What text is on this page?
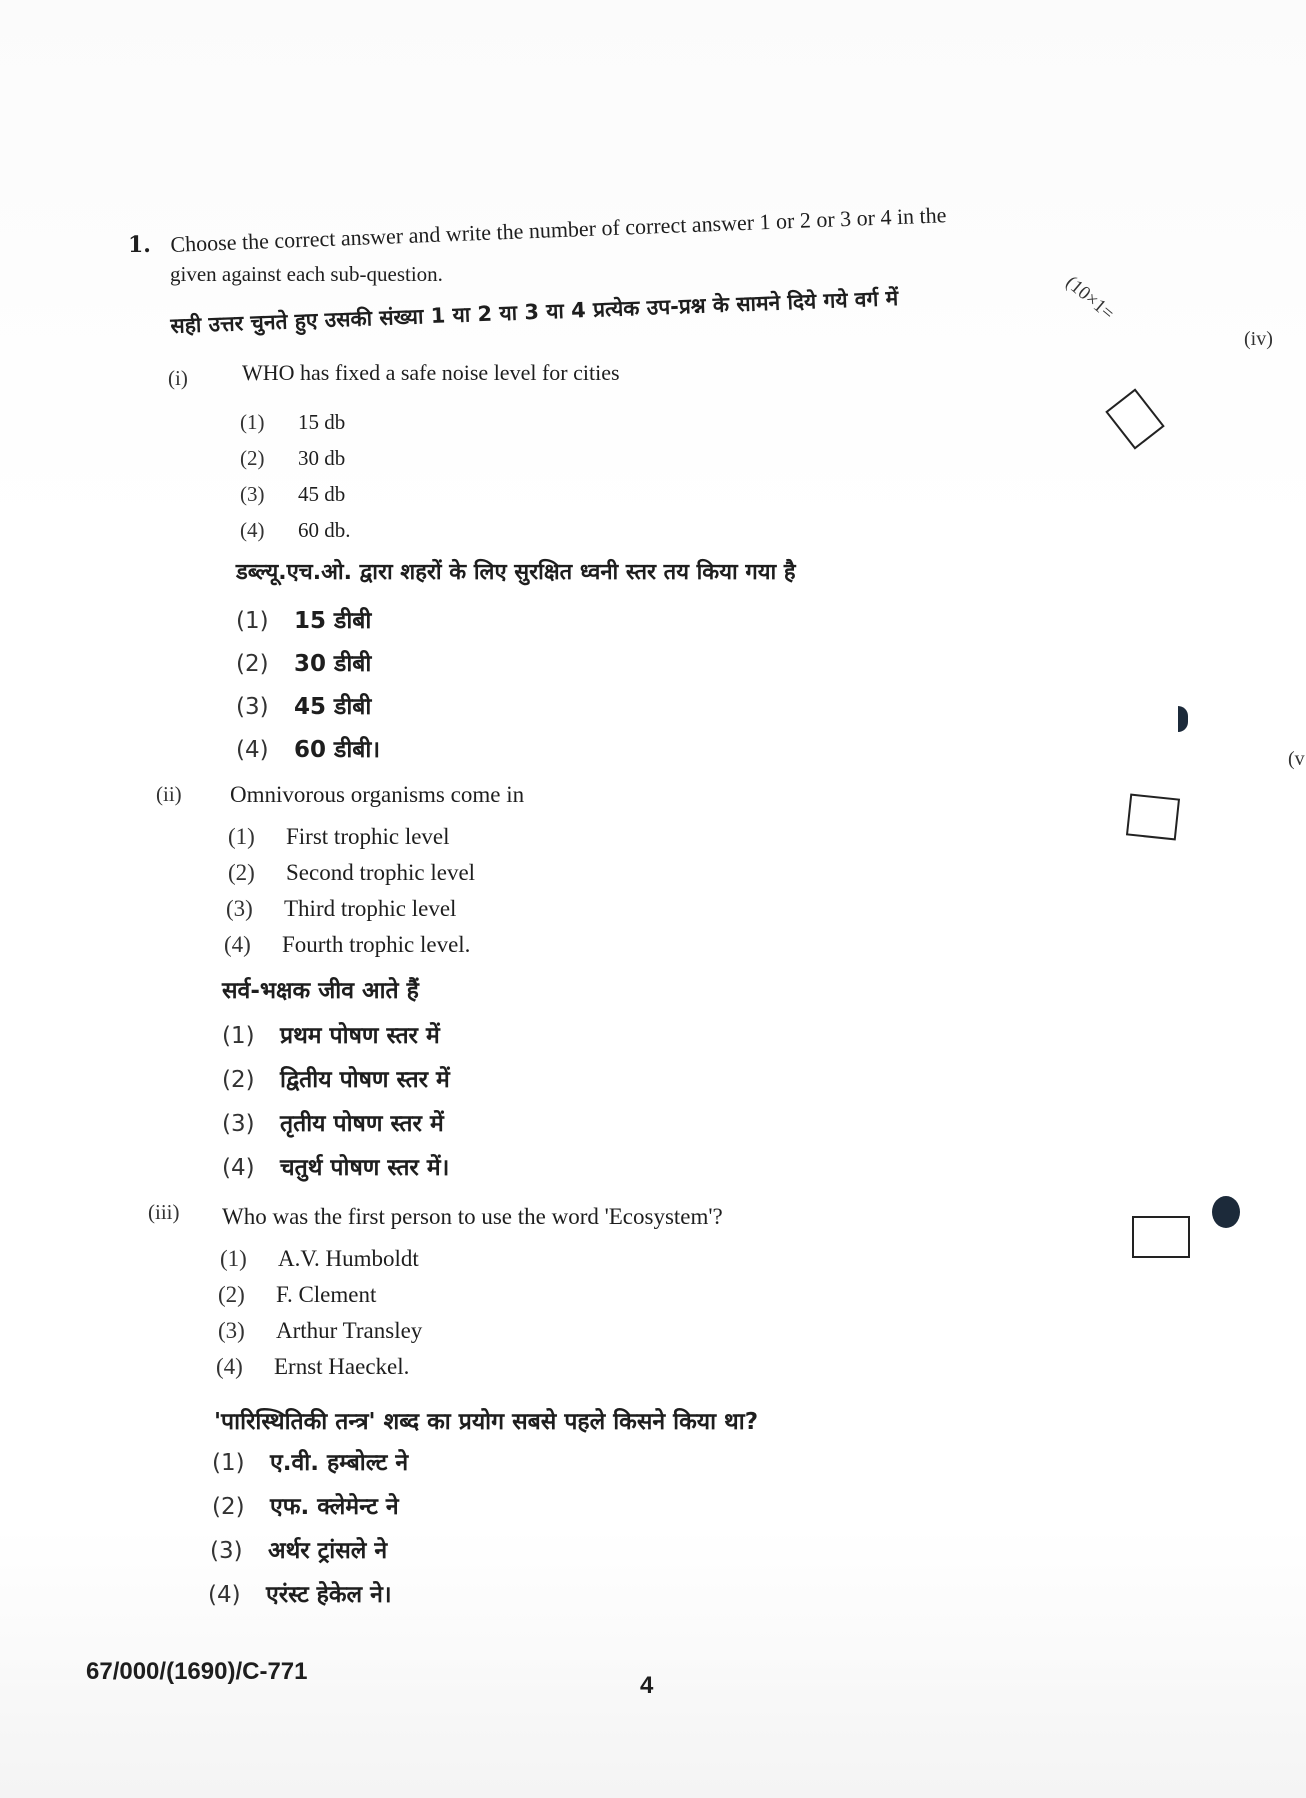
1. Choose the correct answer and write the number of correct answer 1 or 2 or 3 or 4 in the
given against each sub-question.	(10×1=
सही उत्तर चुनते हुए उसकी संख्या 1 या 2 या 3 या 4 प्रत्येक उप-प्रश्न के सामने दिये गये वर्ग में
(iv)
(v
(i) WHO has fixed a safe noise level for cities
(1) 15 db
(2) 30 db
(3) 45 db
(4) 60 db.
डब्ल्यू.एच.ओ. द्वारा शहरों के लिए सुरक्षित ध्वनी स्तर तय किया गया है
(1) 15 डीबी
(2) 30 डीबी
(3) 45 डीबी
(4) 60 डीबी।
(ii) Omnivorous organisms come in
(1) First trophic level
(2) Second trophic level
(3) Third trophic level
(4) Fourth trophic level.
सर्व-भक्षक जीव आते हैं
(1) प्रथम पोषण स्तर में
(2) द्वितीय पोषण स्तर में
(3) तृतीय पोषण स्तर में
(4) चतुर्थ पोषण स्तर में।
(iii) Who was the first person to use the word 'Ecosystem'?
(1) A.V. Humboldt
(2) F. Clement
(3) Arthur Transley
(4) Ernst Haeckel.
'पारिस्थितिकी तन्त्र' शब्द का प्रयोग सबसे पहले किसने किया था?
(1) ए.वी. हम्बोल्ट ने
(2) एफ. क्लेमेन्ट ने
(3) अर्थर ट्रांसले ने
(4) एरंस्ट हेकेल ने।
67/000/(1690)/C-771
4
